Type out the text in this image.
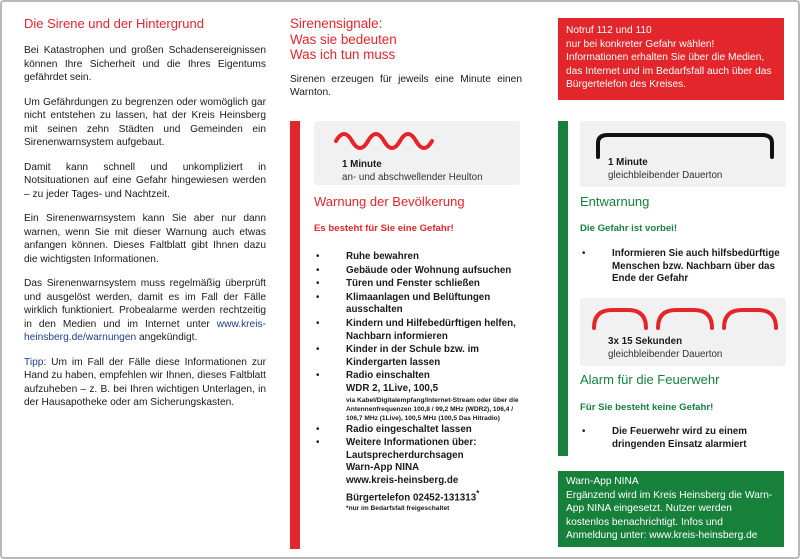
Die Sirene und der Hintergrund

Bei Katastrophen und großen Schadensereignissen können Ihre Sicherheit und die Ihres Eigentums gefährdet sein.

Um Gefährdungen zu begrenzen oder womöglich gar nicht entstehen zu lassen, hat der Kreis Heinsberg mit seinen zehn Städten und Gemeinden ein Sirenenwarnsystem aufgebaut.

Damit kann schnell und unkompliziert in Notsituationen auf eine Gefahr hingewiesen werden – zu jeder Tages- und Nachtzeit.

Ein Sirenenwarnsystem kann Sie aber nur dann warnen, wenn Sie mit dieser Warnung auch etwas anfangen können. Dieses Faltblatt gibt Ihnen dazu die wichtigsten Informationen.

Das Sirenenwarnsystem muss regelmäßig überprüft und ausgelöst werden, damit es im Fall der Fälle wirklich funktioniert. Probealarme werden rechtzeitig in den Medien und im Internet unter www.kreis-heinsberg.de/warnungen angekündigt.

Tipp: Um im Fall der Fälle diese Informationen zur Hand zu haben, empfehlen wir Ihnen, dieses Faltblatt aufzuheben – z. B. bei Ihren wichtigen Unterlagen, in der Hausapotheke oder am Sicherungskasten.

Sirenensignale:
Was sie bedeuten
Was ich tun muss

Sirenen erzeugen für jeweils eine Minute einen Warnton.

1 Minute
an- und abschwellender Heulton
Warnung der Bevölkerung
Es besteht für Sie eine Gefahr!
• Ruhe bewahren
• Gebäude oder Wohnung aufsuchen
• Türen und Fenster schließen
• Klimaanlagen und Belüftungen ausschalten
• Kindern und Hilfebedürftigen helfen, Nachbarn informieren
• Kinder in der Schule bzw. im Kindergarten lassen
• Radio einschalten
WDR 2, 1Live, 100,5
via Kabel/Digitalempfang/Internet-Stream oder über die Antennenfrequenzen 100,8 / 99,2 MHz (WDR2), 106,4 / 106,7 MHz (1Live), 100,5 MHz (100,5 Das Hitradio)
• Radio eingeschaltet lassen
• Weitere Informationen über:
Lautsprecherdurchsagen
Warn-App NINA
www.kreis-heinsberg.de
Bürgertelefon 02452-131313*
*nur im Bedarfsfall freigeschaltet
Notruf 112 und 110
nur bei konkreter Gefahr wählen! Informationen erhalten Sie über die Medien, das Internet und im Bedarfsfall auch über das Bürgertelefon des Kreises.
1 Minute
gleichbleibender Dauerton
Entwarnung
Die Gefahr ist vorbei!
• Informieren Sie auch hilfsbedürftige Menschen bzw. Nachbarn über das Ende der Gefahr
3x 15 Sekunden
gleichbleibender Dauerton
Alarm für die Feuerwehr
Für Sie besteht keine Gefahr!
• Die Feuerwehr wird zu einem dringenden Einsatz alarmiert
Warn-App NINA
Ergänzend wird im Kreis Heinsberg die Warn-App NINA eingesetzt. Nutzer werden kostenlos benachrichtigt. Infos und Anmeldung unter: www.kreis-heinsberg.de
